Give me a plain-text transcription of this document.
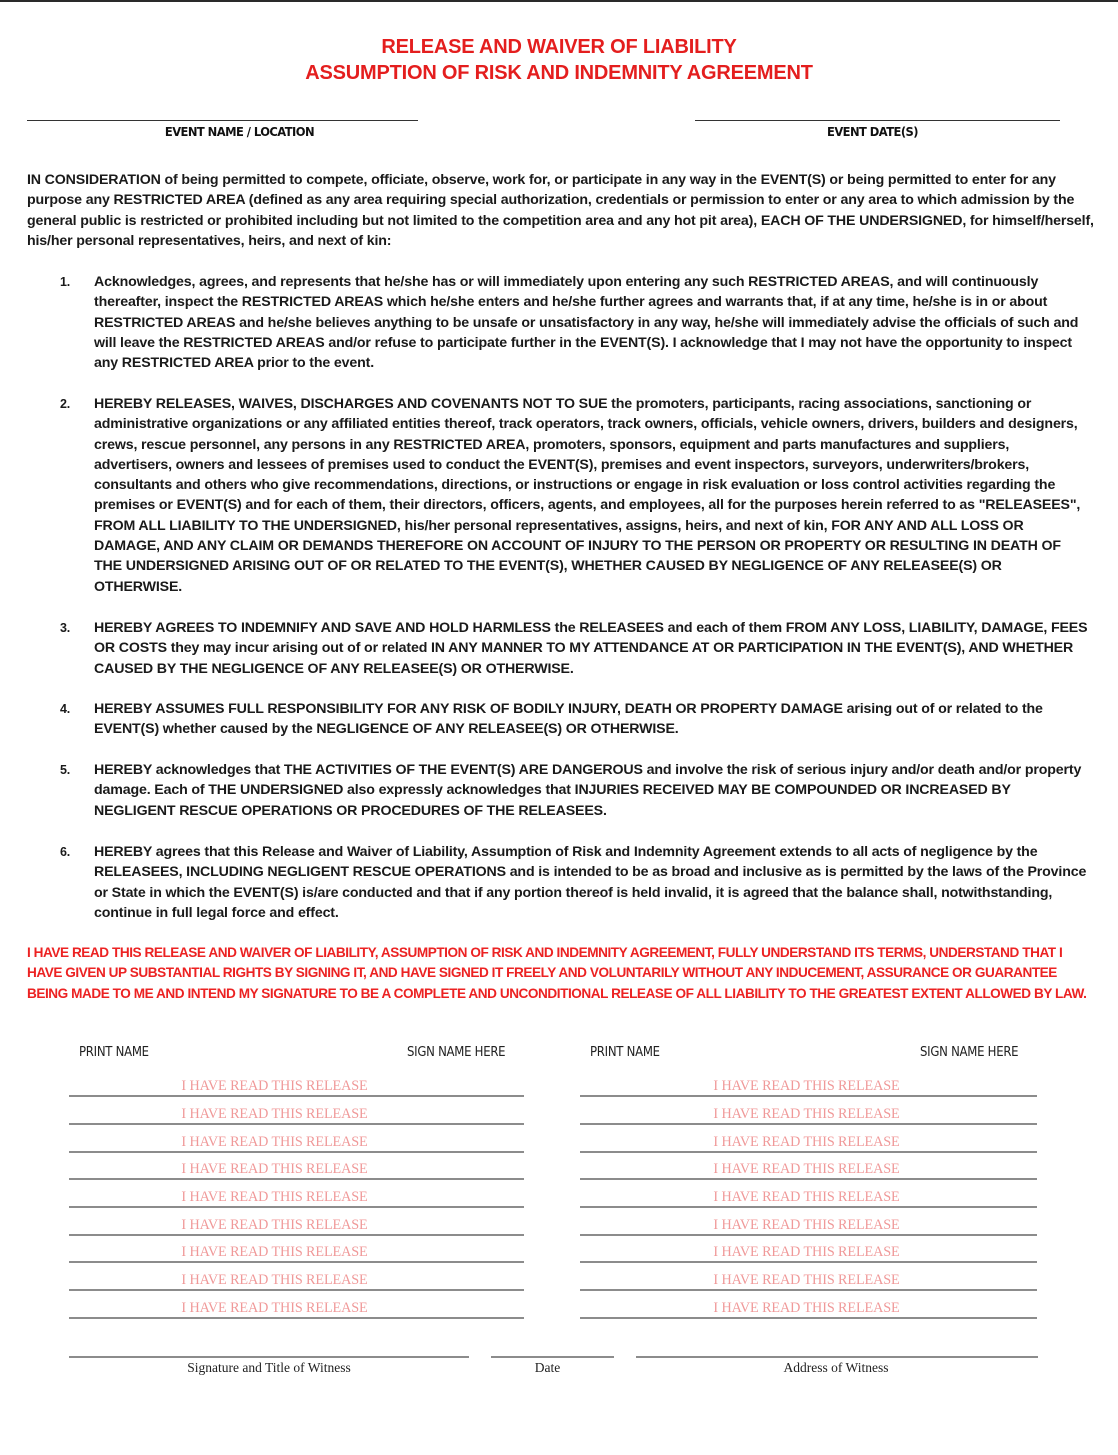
RELEASE AND WAIVER OF LIABILITY
ASSUMPTION OF RISK AND INDEMNITY AGREEMENT
EVENT NAME / LOCATION	EVENT DATE(S)
IN CONSIDERATION of being permitted to compete, officiate, observe, work for, or participate in any way in the EVENT(S) or being permitted to enter for any purpose any RESTRICTED AREA (defined as any area requiring special authorization, credentials or permission to enter or any area to which admission by the general public is restricted or prohibited including but not limited to the competition area and any hot pit area), EACH OF THE UNDERSIGNED, for himself/herself, his/her personal representatives, heirs, and next of kin:
1. Acknowledges, agrees, and represents that he/she has or will immediately upon entering any such RESTRICTED AREAS, and will continuously thereafter, inspect the RESTRICTED AREAS which he/she enters and he/she further agrees and warrants that, if at any time, he/she is in or about RESTRICTED AREAS and he/she believes anything to be unsafe or unsatisfactory in any way, he/she will immediately advise the officials of such and will leave the RESTRICTED AREAS and/or refuse to participate further in the EVENT(S). I acknowledge that I may not have the opportunity to inspect any RESTRICTED AREA prior to the event.
2. HEREBY RELEASES, WAIVES, DISCHARGES AND COVENANTS NOT TO SUE the promoters, participants, racing associations, sanctioning or administrative organizations or any affiliated entities thereof, track operators, track owners, officials, vehicle owners, drivers, builders and designers, crews, rescue personnel, any persons in any RESTRICTED AREA, promoters, sponsors, equipment and parts manufactures and suppliers, advertisers, owners and lessees of premises used to conduct the EVENT(S), premises and event inspectors, surveyors, underwriters/brokers, consultants and others who give recommendations, directions, or instructions or engage in risk evaluation or loss control activities regarding the premises or EVENT(S) and for each of them, their directors, officers, agents, and employees, all for the purposes herein referred to as "RELEASEES", FROM ALL LIABILITY TO THE UNDERSIGNED, his/her personal representatives, assigns, heirs, and next of kin, FOR ANY AND ALL LOSS OR DAMAGE, AND ANY CLAIM OR DEMANDS THEREFORE ON ACCOUNT OF INJURY TO THE PERSON OR PROPERTY OR RESULTING IN DEATH OF THE UNDERSIGNED ARISING OUT OF OR RELATED TO THE EVENT(S), WHETHER CAUSED BY NEGLIGENCE OF ANY RELEASEE(S) OR OTHERWISE.
3. HEREBY AGREES TO INDEMNIFY AND SAVE AND HOLD HARMLESS the RELEASEES and each of them FROM ANY LOSS, LIABILITY, DAMAGE, FEES OR COSTS they may incur arising out of or related IN ANY MANNER TO MY ATTENDANCE AT OR PARTICIPATION IN THE EVENT(S), AND WHETHER CAUSED BY THE NEGLIGENCE OF ANY RELEASEE(S) OR OTHERWISE.
4. HEREBY ASSUMES FULL RESPONSIBILITY FOR ANY RISK OF BODILY INJURY, DEATH OR PROPERTY DAMAGE arising out of or related to the EVENT(S) whether caused by the NEGLIGENCE OF ANY RELEASEE(S) OR OTHERWISE.
5. HEREBY acknowledges that THE ACTIVITIES OF THE EVENT(S) ARE DANGEROUS and involve the risk of serious injury and/or death and/or property damage. Each of THE UNDERSIGNED also expressly acknowledges that INJURIES RECEIVED MAY BE COMPOUNDED OR INCREASED BY NEGLIGENT RESCUE OPERATIONS OR PROCEDURES OF THE RELEASEES.
6. HEREBY agrees that this Release and Waiver of Liability, Assumption of Risk and Indemnity Agreement extends to all acts of negligence by the RELEASEES, INCLUDING NEGLIGENT RESCUE OPERATIONS and is intended to be as broad and inclusive as is permitted by the laws of the Province or State in which the EVENT(S) is/are conducted and that if any portion thereof is held invalid, it is agreed that the balance shall, notwithstanding, continue in full legal force and effect.
I HAVE READ THIS RELEASE AND WAIVER OF LIABILITY, ASSUMPTION OF RISK AND INDEMNITY AGREEMENT, FULLY UNDERSTAND ITS TERMS, UNDERSTAND THAT I HAVE GIVEN UP SUBSTANTIAL RIGHTS BY SIGNING IT, AND HAVE SIGNED IT FREELY AND VOLUNTARILY WITHOUT ANY INDUCEMENT, ASSURANCE OR GUARANTEE BEING MADE TO ME AND INTEND MY SIGNATURE TO BE A COMPLETE AND UNCONDITIONAL RELEASE OF ALL LIABILITY TO THE GREATEST EXTENT ALLOWED BY LAW.
PRINT NAME	SIGN NAME HERE	PRINT NAME	SIGN NAME HERE
I HAVE READ THIS RELEASE
I HAVE READ THIS RELEASE
I HAVE READ THIS RELEASE
I HAVE READ THIS RELEASE
I HAVE READ THIS RELEASE
I HAVE READ THIS RELEASE
I HAVE READ THIS RELEASE
I HAVE READ THIS RELEASE
I HAVE READ THIS RELEASE
I HAVE READ THIS RELEASE
I HAVE READ THIS RELEASE
I HAVE READ THIS RELEASE
I HAVE READ THIS RELEASE
I HAVE READ THIS RELEASE
I HAVE READ THIS RELEASE
I HAVE READ THIS RELEASE
I HAVE READ THIS RELEASE
I HAVE READ THIS RELEASE
Signature and Title of Witness	Date	Address of Witness
